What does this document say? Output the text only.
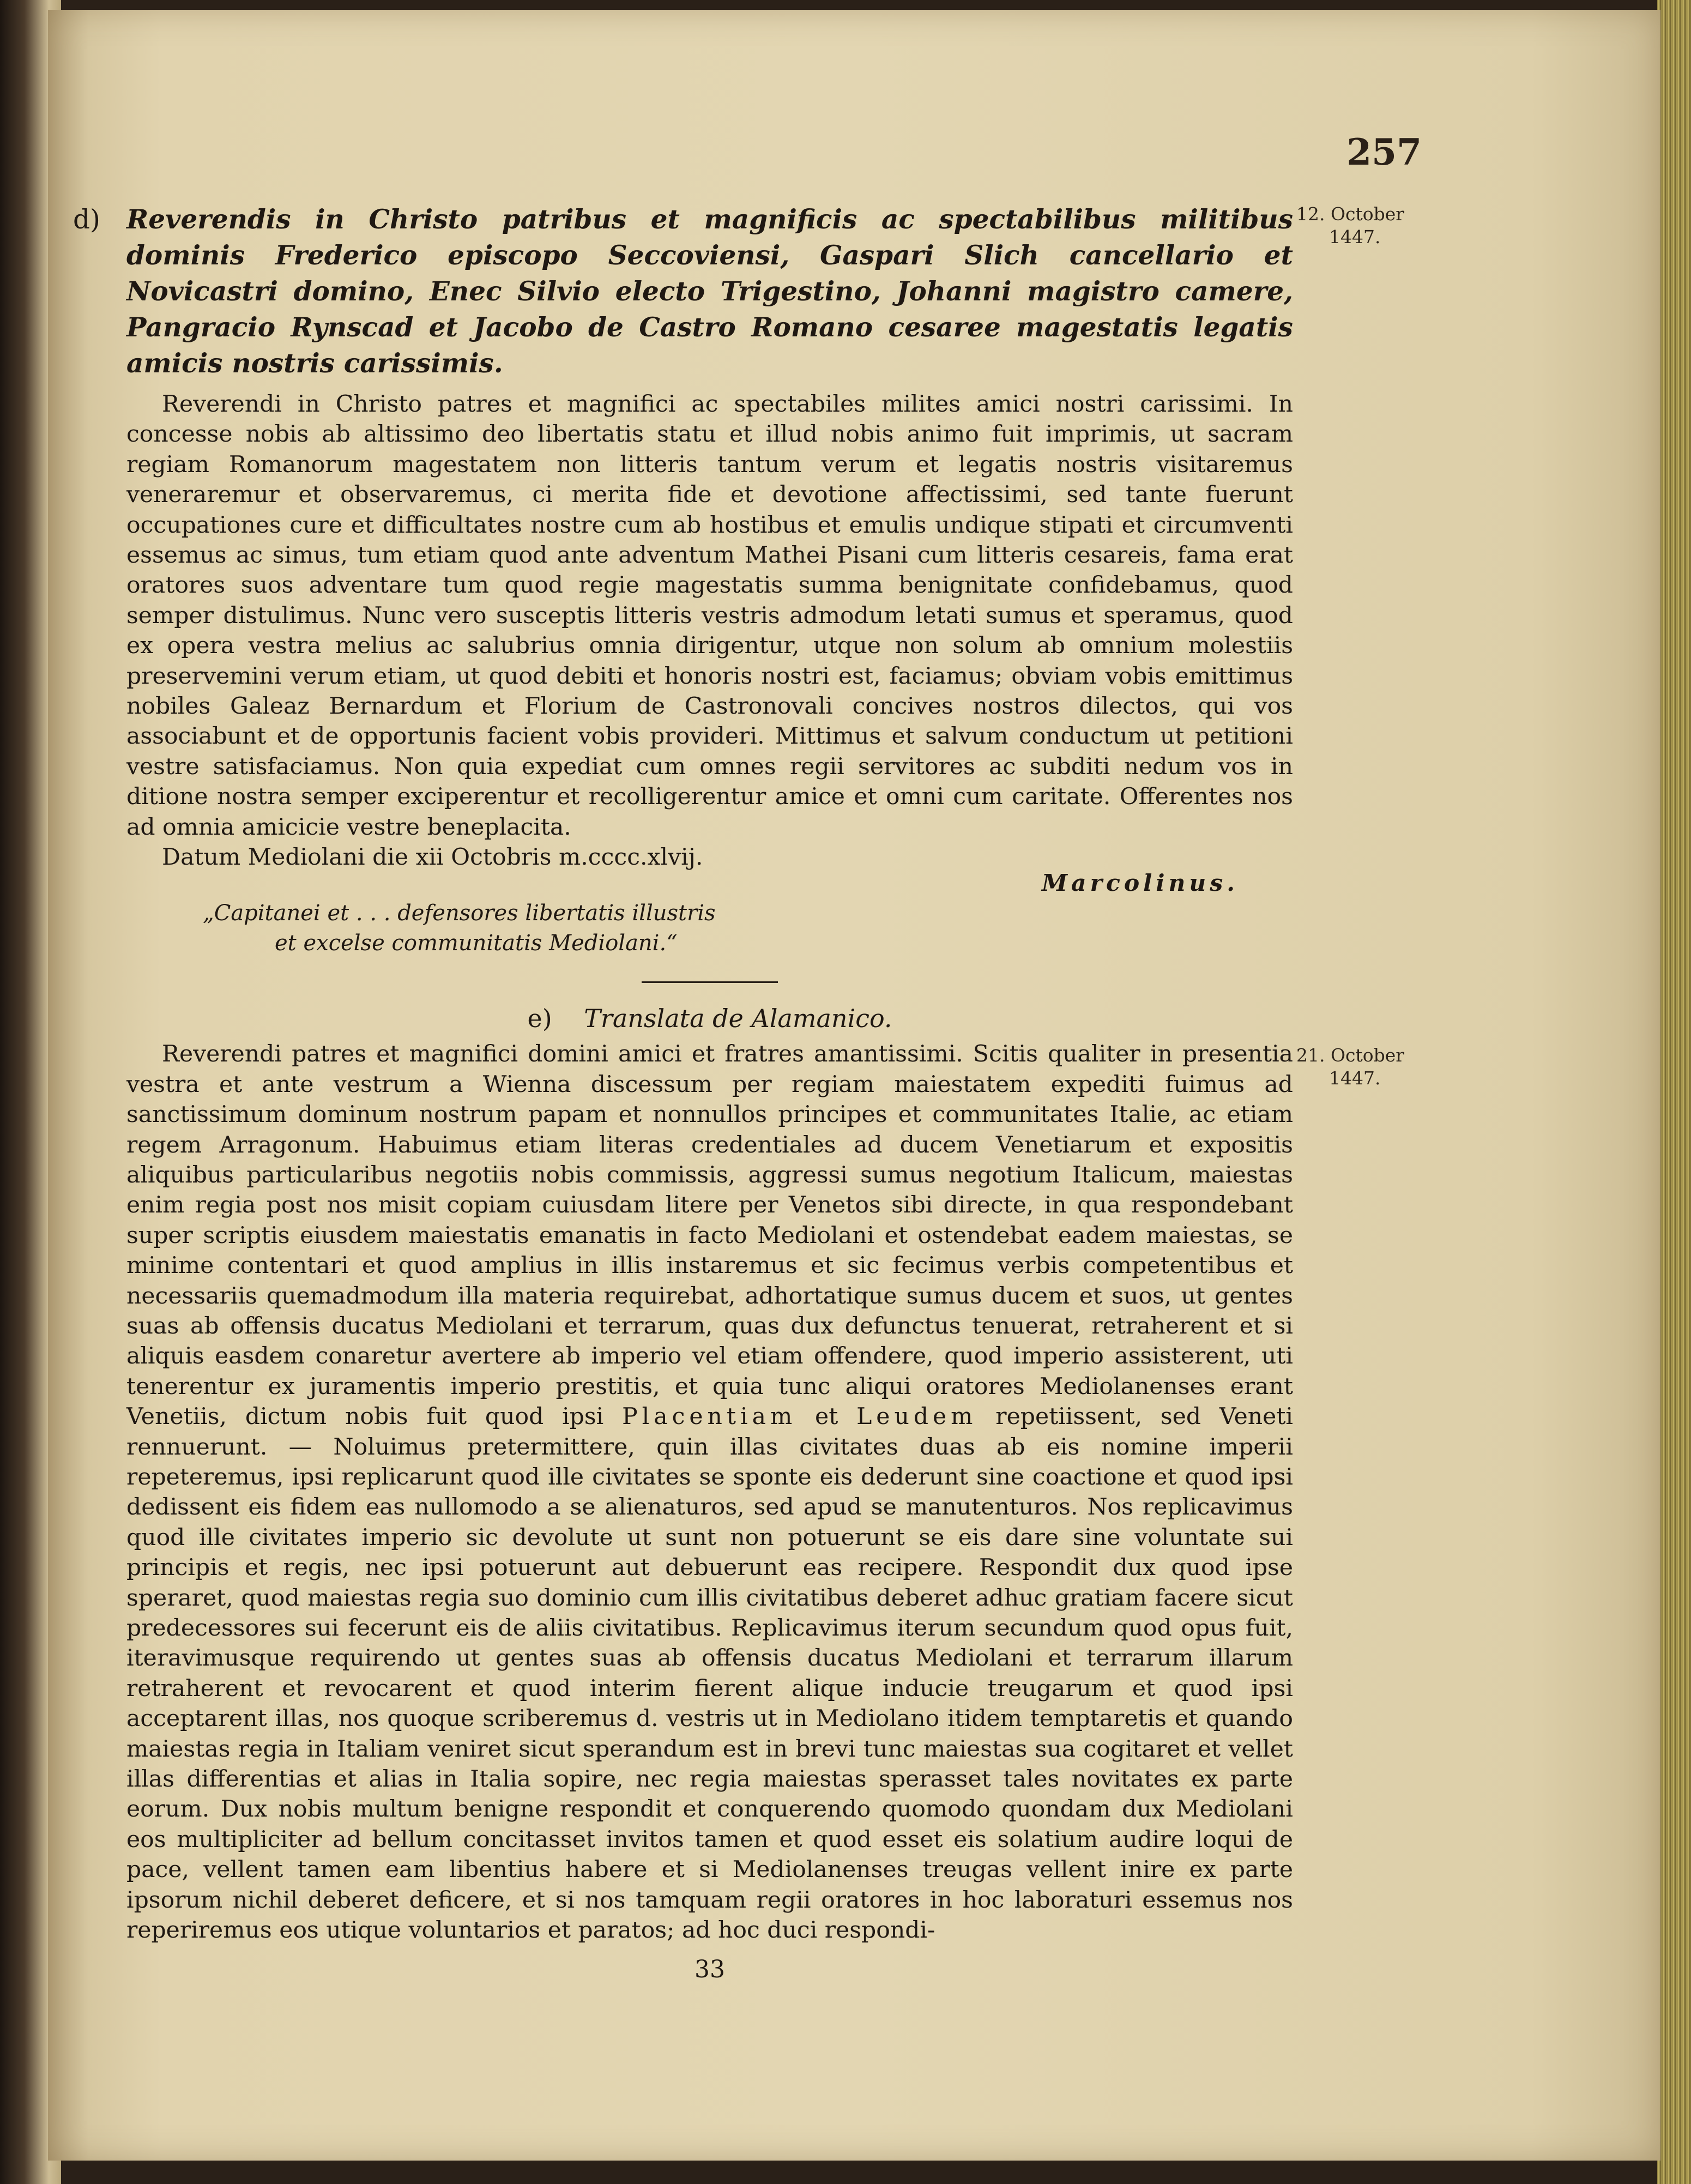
257
12. October
1447.
21. October
1447.
d) Reverendis in Christo patribus et magnificis ac spectabilibus militibus dominis Frederico episcopo Seccoviensi, Gaspari Slich cancellario et Novicastri domino, Enec Silvio electo Trigestino, Johanni magistro camere, Pangracio Rynscad et Jacobo de Castro Romano cesaree magestatis legatis amicis nostris carissimis.

Reverendi in Christo patres et magnifici ac spectabiles milites amici nostri carissimi. In concesse nobis ab altissimo deo libertatis statu et illud nobis animo fuit imprimis, ut sacram regiam Romanorum magestatem non litteris tantum verum et legatis nostris visitaremus veneraremur et observaremus, ci merita fide et devotione affectissimi, sed tante fuerunt occupationes cure et difficultates nostre cum ab hostibus et emulis undique stipati et circumventi essemus ac simus, tum etiam quod ante adventum Mathei Pisani cum litteris cesareis, fama erat oratores suos adventare tum quod regie magestatis summa benignitate confidebamus, quod semper distulimus. Nunc vero susceptis litteris vestris admodum letati sumus et speramus, quod ex opera vestra melius ac salubrius omnia dirigentur, utque non solum ab omnium molestiis preservemini verum etiam, ut quod debiti et honoris nostri est, faciamus; obviam vobis emittimus nobiles Galeaz Bernardum et Florium de Castronovali concives nostros dilectos, qui vos associabunt et de opportunis facient vobis provideri. Mittimus et salvum conductum ut petitioni vestre satisfaciamus. Non quia expediat cum omnes regii servitores ac subditi nedum vos in ditione nostra semper exciperentur et recolligerentur amice et omni cum caritate. Offerentes nos ad omnia amicicie vestre beneplacita.

Datum Mediolani die xii Octobris m.cccc.xlvij.

Marcolinus.
„Capitanei et . . . defensores libertatis illustris
et excelse communitatis Mediolani.“
e) Translata de Alamanico.

Reverendi patres et magnifici domini amici et fratres amantissimi. Scitis qualiter in presentia vestra et ante vestrum a Wienna discessum per regiam maiestatem expediti fuimus ad sanctissimum dominum nostrum papam et nonnullos principes et communitates Italie, ac etiam regem Arragonum. Habuimus etiam literas credentiales ad ducem Venetiarum et expositis aliquibus particularibus negotiis nobis commissis, aggressi sumus negotium Italicum, maiestas enim regia post nos misit copiam cuiusdam litere per Venetos sibi directe, in qua respondebant super scriptis eiusdem maiestatis emanatis in facto Mediolani et ostendebat eadem maiestas, se minime contentari et quod amplius in illis instaremus et sic fecimus verbis competentibus et necessariis quemadmodum illa materia requirebat, adhortatique sumus ducem et suos, ut gentes suas ab offensis ducatus Mediolani et terrarum, quas dux defunctus tenuerat, retraherent et si aliquis easdem conaretur avertere ab imperio vel etiam offendere, quod imperio assisterent, uti tenerentur ex juramentis imperio prestitis, et quia tunc aliqui oratores Mediolanenses erant Venetiis, dictum nobis fuit quod ipsi Placentiam et Leudem repetiissent, sed Veneti rennuerunt. — Noluimus pretermittere, quin illas civitates duas ab eis nomine imperii repeteremus, ipsi replicarunt quod ille civitates se sponte eis dederunt sine coactione et quod ipsi dedissent eis fidem eas nullomodo a se alienaturos, sed apud se manutenturos. Nos replicavimus quod ille civitates imperio sic devolute ut sunt non potuerunt se eis dare sine voluntate sui principis et regis, nec ipsi potuerunt aut debuerunt eas recipere. Respondit dux quod ipse speraret, quod maiestas regia suo dominio cum illis civitatibus deberet adhuc gratiam facere sicut predecessores sui fecerunt eis de aliis civitatibus. Replicavimus iterum secundum quod opus fuit, iteravimusque requirendo ut gentes suas ab offensis ducatus Mediolani et terrarum illarum retraherent et revocarent et quod interim fierent alique inducie treugarum et quod ipsi acceptarent illas, nos quoque scriberemus d. vestris ut in Mediolano itidem temptaretis et quando maiestas regia in Italiam veniret sicut sperandum est in brevi tunc maiestas sua cogitaret et vellet illas differentias et alias in Italia sopire, nec regia maiestas sperasset tales novitates ex parte eorum. Dux nobis multum benigne respondit et conquerendo quomodo quondam dux Mediolani eos multipliciter ad bellum concitasset invitos tamen et quod esset eis solatium audire loqui de pace, vellent tamen eam libentius habere et si Mediolanenses treugas vellent inire ex parte ipsorum nichil deberet deficere, et si nos tamquam regii oratores in hoc laboraturi essemus nos reperiremus eos utique voluntarios et paratos; ad hoc duci respondi-

33
